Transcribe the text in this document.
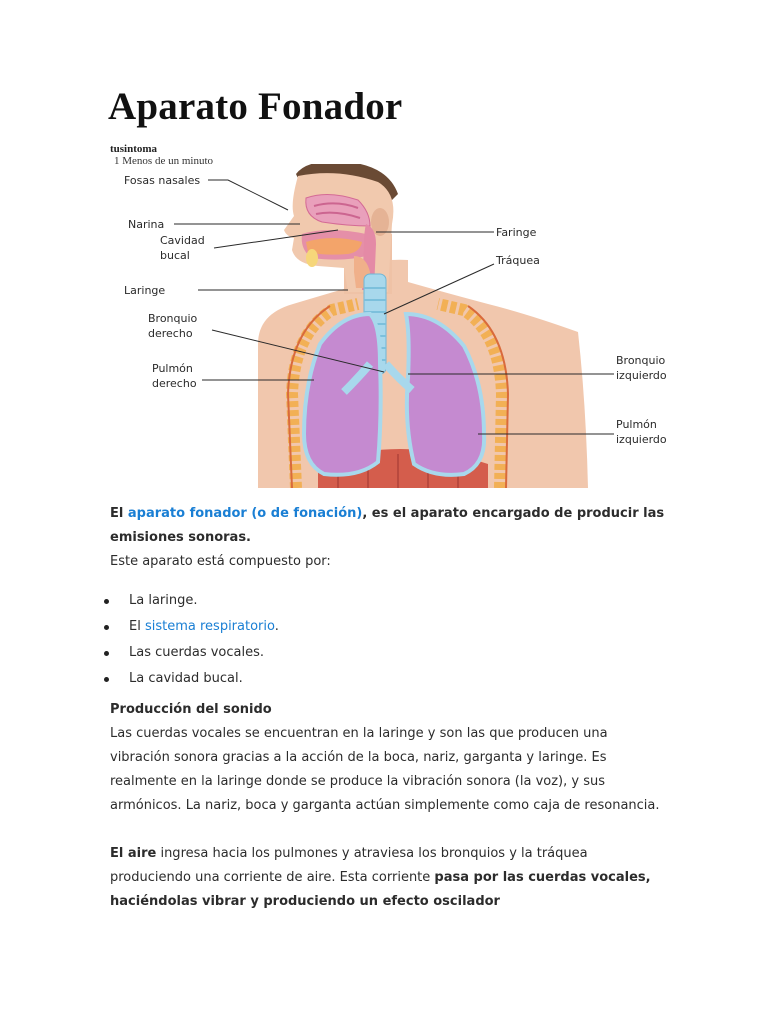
Aparato Fonador
tusintoma
1 Menos de un minuto
Fosas nasales
Narina
Cavidad
bucal
Laringe
Bronquio
derecho
Pulmón
derecho
Faringe
Tráquea
Bronquio
izquierdo
Pulmón
izquierdo

El aparato fonador (o de fonación), es el aparato encargado de producir las emisiones sonoras.

Este aparato está compuesto por:

La laringe.
El sistema respiratorio.
Las cuerdas vocales.
La cavidad bucal.

Producción del sonido

Las cuerdas vocales se encuentran en la laringe y son las que producen una vibración sonora gracias a la acción de la boca, nariz, garganta y laringe. Es realmente en la laringe donde se produce la vibración sonora (la voz), y sus armónicos. La nariz, boca y garganta actúan simplemente como caja de resonancia.

El aire ingresa hacia los pulmones y atraviesa los bronquios y la tráquea produciendo una corriente de aire. Esta corriente pasa por las cuerdas vocales, haciéndolas vibrar y produciendo un efecto oscilador
